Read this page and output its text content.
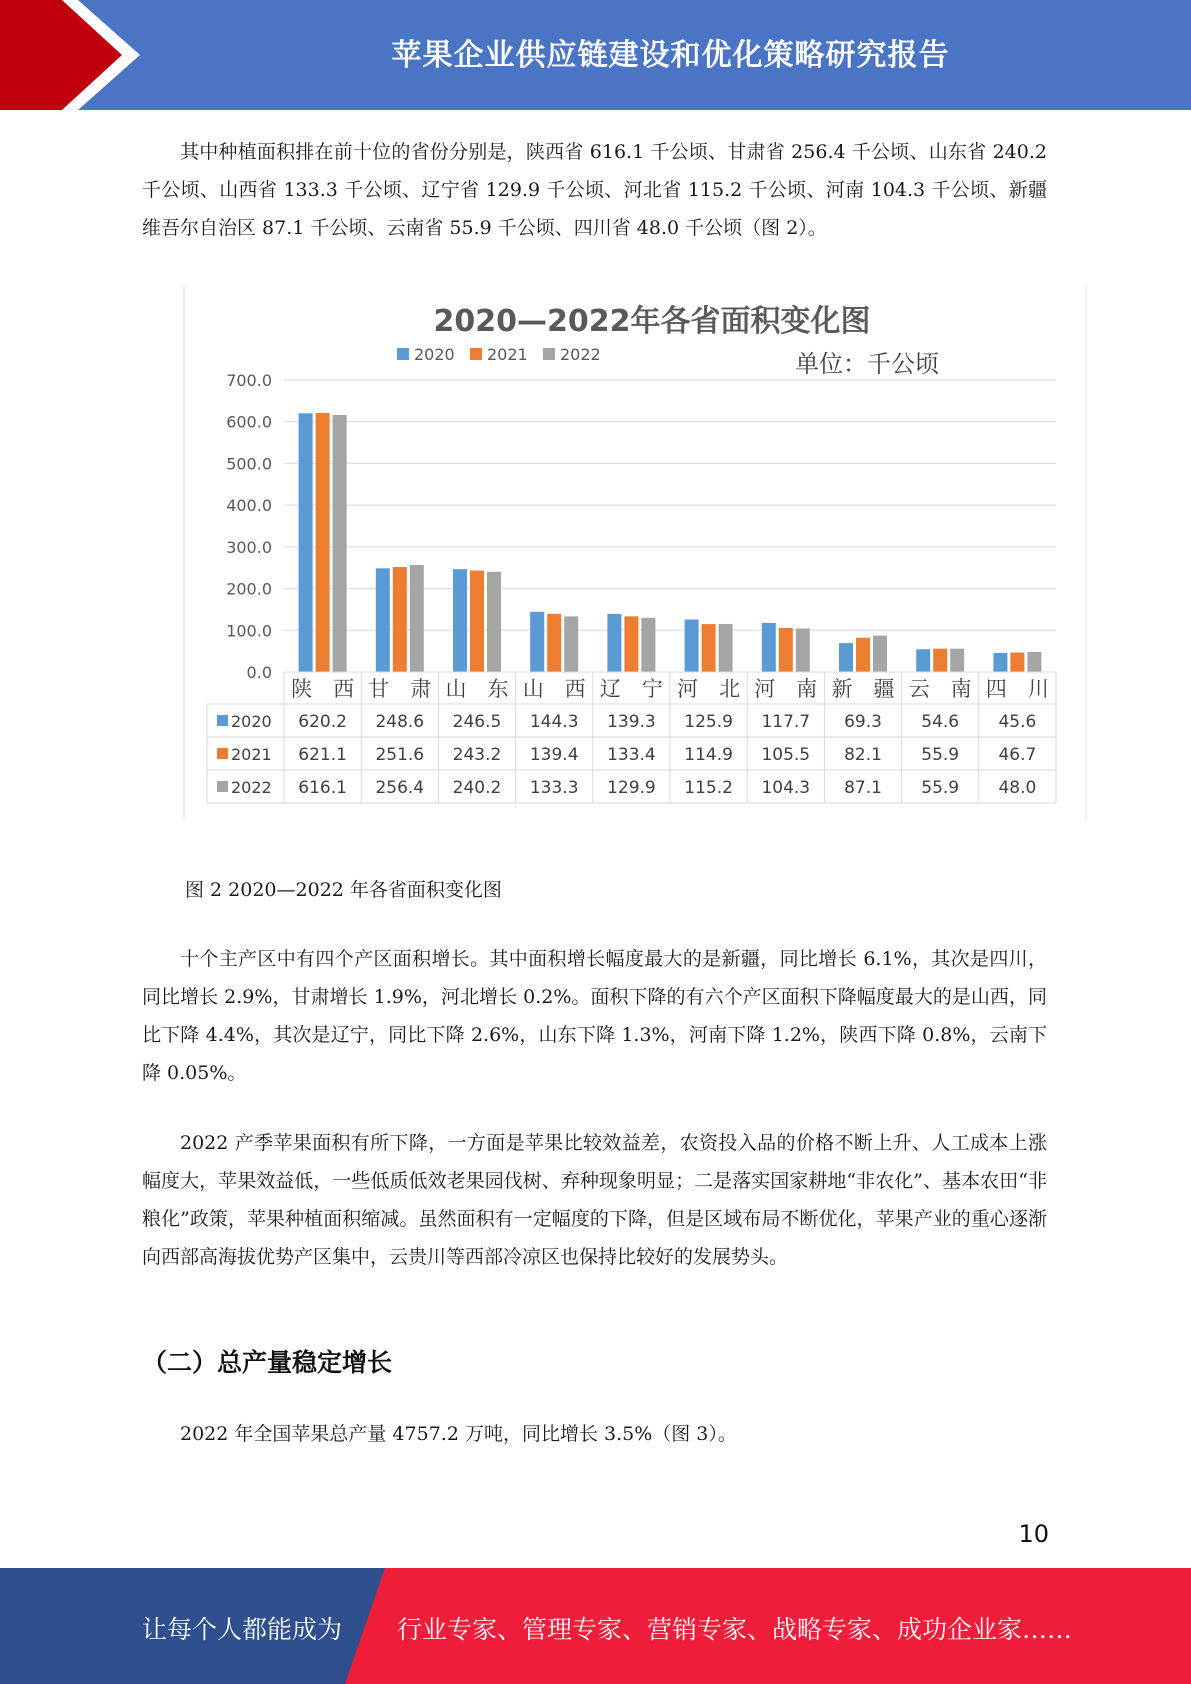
苹果企业供应链建设和优化策略研究报告

其中种植面积排在前十位的省份分别是，陕西省 616.1 千公顷、甘肃省 256.4 千公顷、山东省 240.2 千公顷、山西省 133.3 千公顷、辽宁省 129.9 千公顷、河北省 115.2 千公顷、河南 104.3 千公顷、新疆维吾尔自治区 87.1 千公顷、云南省 55.9 千公顷、四川省 48.0 千公顷（图 2）。

2020—2022年各省面积变化图
单位：千公顷
2020 2021 2022
0.0
100.0
200.0
300.0
400.0
500.0
600.0
700.0
陕　西 甘　肃 山　东 山　西 辽　宁 河　北 河　南 新　疆 云　南 四　川
2020 620.2 248.6 246.5 144.3 139.3 125.9 117.7 69.3 54.6 45.6
2021 621.1 251.6 243.2 139.4 133.4 114.9 105.5 82.1 55.9 46.7
2022 616.1 256.4 240.2 133.3 129.9 115.2 104.3 87.1 55.9 48.0
图 2 2020—2022 年各省面积变化图

十个主产区中有四个产区面积增长。其中面积增长幅度最大的是新疆，同比增长 6.1%，其次是四川，同比增长 2.9%，甘肃增长 1.9%，河北增长 0.2%。面积下降的有六个产区面积下降幅度最大的是山西，同比下降 4.4%，其次是辽宁，同比下降 2.6%，山东下降 1.3%，河南下降 1.2%，陕西下降 0.8%，云南下降 0.05%。

2022 产季苹果面积有所下降，一方面是苹果比较效益差，农资投入品的价格不断上升、人工成本上涨幅度大，苹果效益低，一些低质低效老果园伐树、弃种现象明显；二是落实国家耕地“非农化”、基本农田“非粮化”政策，苹果种植面积缩减。虽然面积有一定幅度的下降，但是区域布局不断优化，苹果产业的重心逐渐向西部高海拔优势产区集中，云贵川等西部冷凉区也保持比较好的发展势头。

（二）总产量稳定增长

2022 年全国苹果总产量 4757.2 万吨，同比增长 3.5%（图 3）。

10
让每个人都能成为 行业专家、管理专家、营销专家、战略专家、成功企业家……
